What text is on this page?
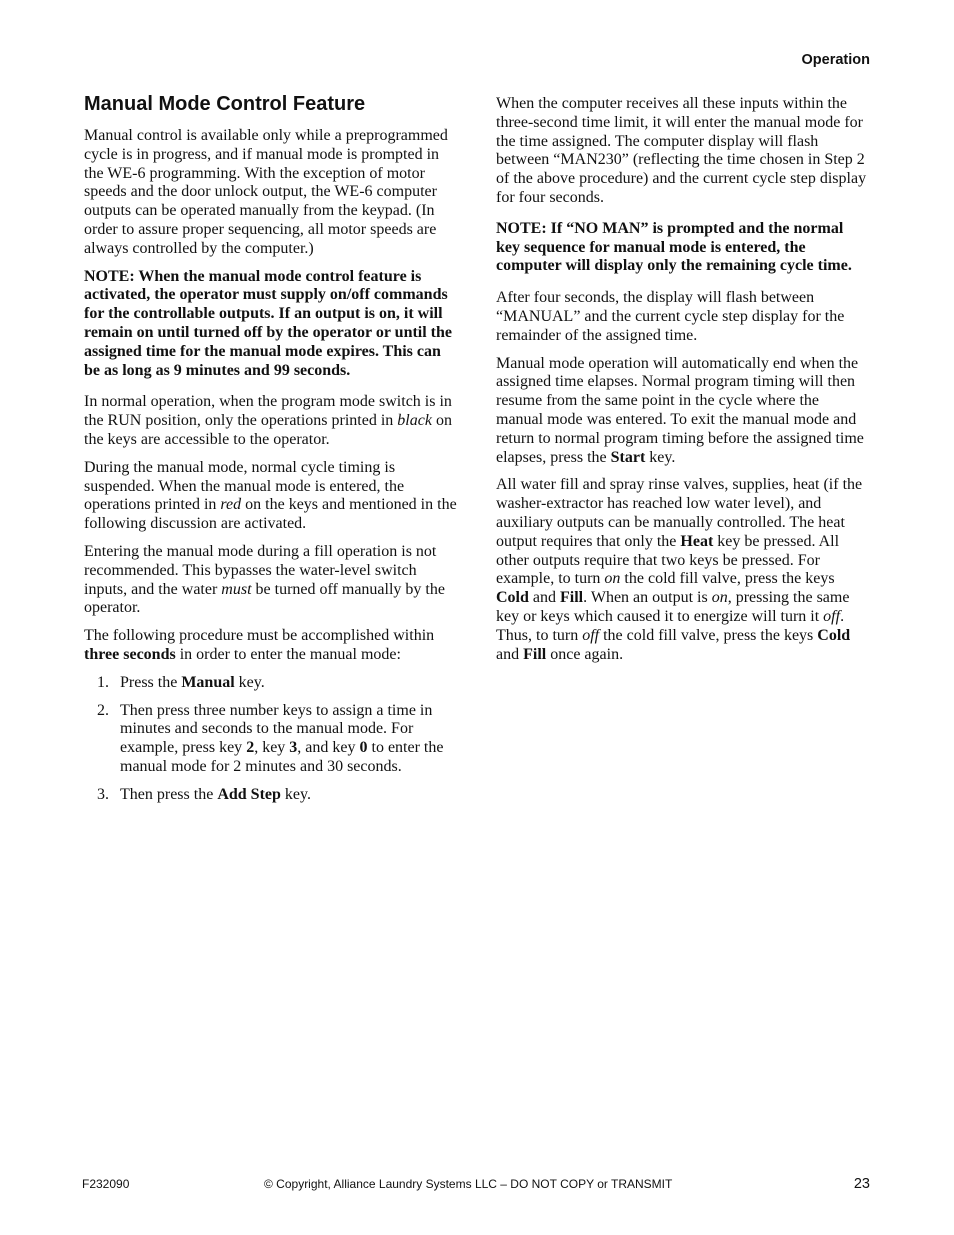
Operation
Manual Mode Control Feature

Manual control is available only while a preprogrammed cycle is in progress, and if manual mode is prompted in the WE-6 programming. With the exception of motor speeds and the door unlock output, the WE-6 computer outputs can be operated manually from the keypad. (In order to assure proper sequencing, all motor speeds are always controlled by the computer.)

NOTE: When the manual mode control feature is activated, the operator must supply on/off commands for the controllable outputs. If an output is on, it will remain on until turned off by the operator or until the assigned time for the manual mode expires. This can be as long as 9 minutes and 99 seconds.

In normal operation, when the program mode switch is in the RUN position, only the operations printed in black on the keys are accessible to the operator.

During the manual mode, normal cycle timing is suspended. When the manual mode is entered, the operations printed in red on the keys and mentioned in the following discussion are activated.

Entering the manual mode during a fill operation is not recommended. This bypasses the water-level switch inputs, and the water must be turned off manually by the operator.

The following procedure must be accomplished within three seconds in order to enter the manual mode:

1. Press the Manual key.
2. Then press three number keys to assign a time in minutes and seconds to the manual mode. For example, press key 2, key 3, and key 0 to enter the manual mode for 2 minutes and 30 seconds.
3. Then press the Add Step key.

When the computer receives all these inputs within the three-second time limit, it will enter the manual mode for the time assigned. The computer display will flash between “MAN230” (reflecting the time chosen in Step 2 of the above procedure) and the current cycle step display for four seconds.

NOTE: If “NO MAN” is prompted and the normal key sequence for manual mode is entered, the computer will display only the remaining cycle time.

After four seconds, the display will flash between “MANUAL” and the current cycle step display for the remainder of the assigned time.

Manual mode operation will automatically end when the assigned time elapses. Normal program timing will then resume from the same point in the cycle where the manual mode was entered. To exit the manual mode and return to normal program timing before the assigned time elapses, press the Start key.

All water fill and spray rinse valves, supplies, heat (if the washer-extractor has reached low water level), and auxiliary outputs can be manually controlled. The heat output requires that only the Heat key be pressed. All other outputs require that two keys be pressed. For example, to turn on the cold fill valve, press the keys Cold and Fill. When an output is on, pressing the same key or keys which caused it to energize will turn it off. Thus, to turn off the cold fill valve, press the keys Cold and Fill once again.

F232090	© Copyright, Alliance Laundry Systems LLC – DO NOT COPY or TRANSMIT	23
